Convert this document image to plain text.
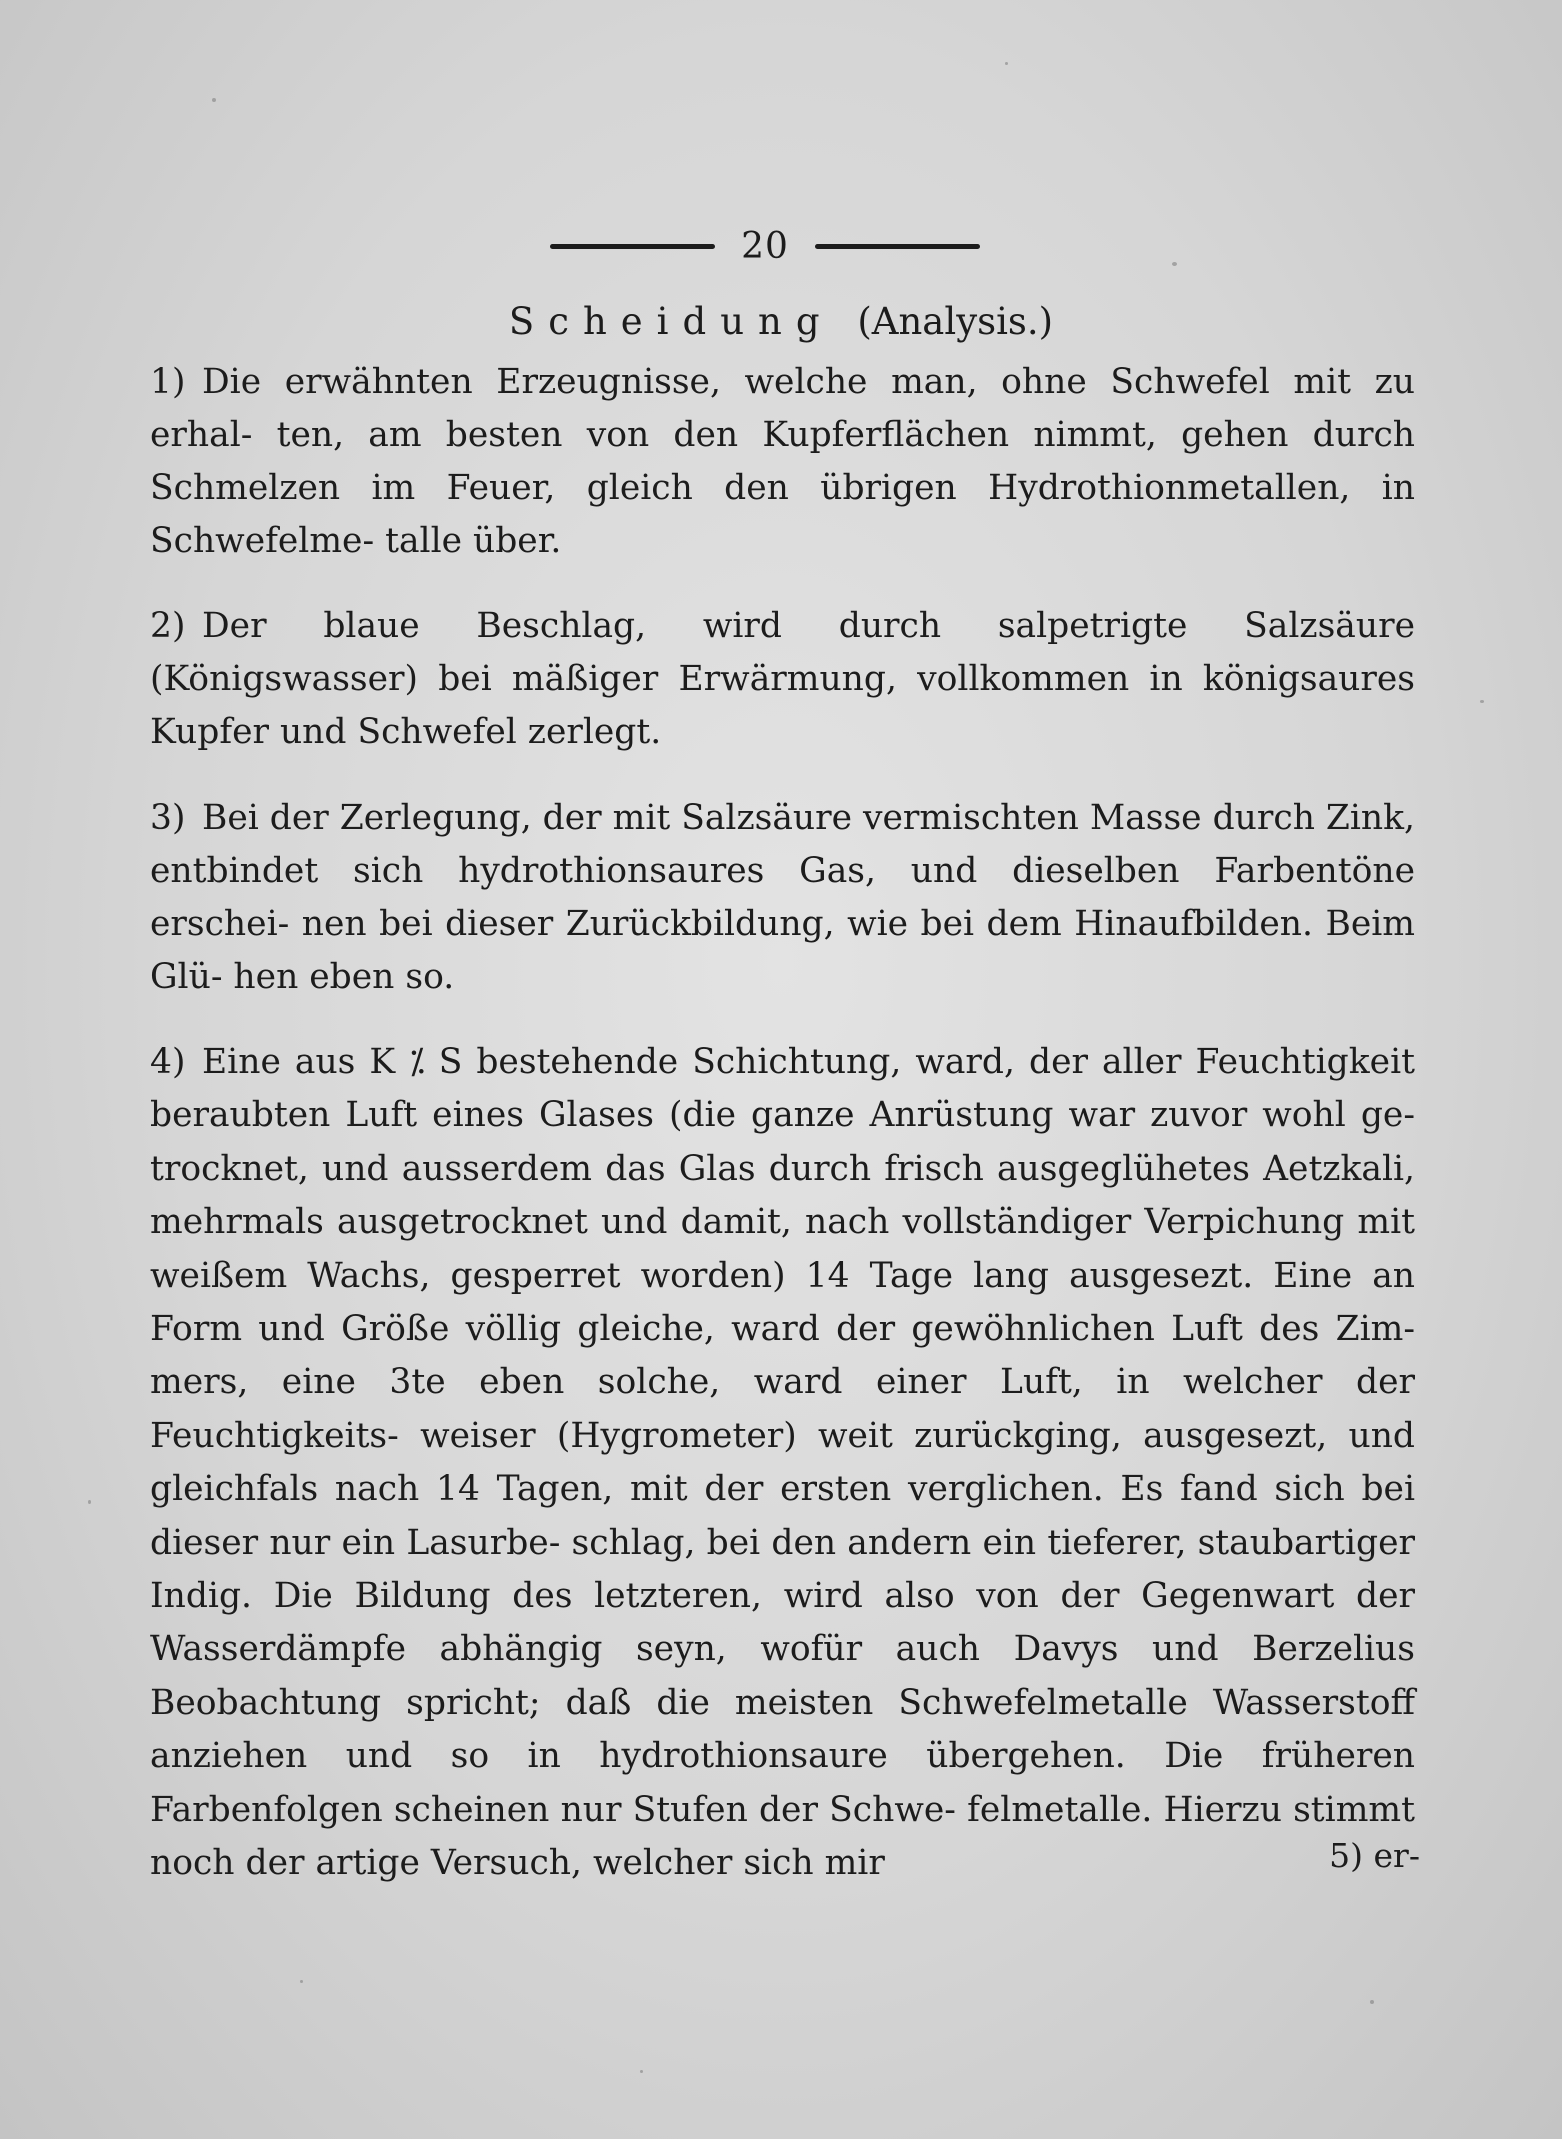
20
Scheidung (Analysis.)
1) Die erwähnten Erzeugnisse, welche man, ohne Schwefel mit zu erhal- ten, am besten von den Kupferflächen nimmt, gehen durch Schmelzen im Feuer, gleich den übrigen Hydrothionmetallen, in Schwefelme- talle über.
2) Der blaue Beschlag, wird durch salpetrigte Salzsäure (Königswasser) bei mäßiger Erwärmung, vollkommen in königsaures Kupfer und Schwefel zerlegt.
3) Bei der Zerlegung, der mit Salzsäure vermischten Masse durch Zink, entbindet sich hydrothionsaures Gas, und dieselben Farbentöne erschei- nen bei dieser Zurückbildung, wie bei dem Hinaufbilden. Beim Glü- hen eben so.
4) Eine aus K ⁒ S bestehende Schichtung, ward, der aller Feuchtigkeit beraubten Luft eines Glases (die ganze Anrüstung war zuvor wohl ge- trocknet, und ausserdem das Glas durch frisch ausgeglühetes Aetzkali, mehrmals ausgetrocknet und damit, nach vollständiger Verpichung mit weißem Wachs, gesperret worden) 14 Tage lang ausgesezt. Eine an Form und Größe völlig gleiche, ward der gewöhnlichen Luft des Zim- mers, eine 3te eben solche, ward einer Luft, in welcher der Feuchtigkeits- weiser (Hygrometer) weit zurückging, ausgesezt, und gleichfals nach 14 Tagen, mit der ersten verglichen. Es fand sich bei dieser nur ein Lasurbe- schlag, bei den andern ein tieferer, staubartiger Indig. Die Bildung des letzteren, wird also von der Gegenwart der Wasserdämpfe abhängig seyn, wofür auch Davys und Berzelius Beobachtung spricht; daß die meisten Schwefelmetalle Wasserstoff anziehen und so in hydrothionsaure übergehen. Die früheren Farbenfolgen scheinen nur Stufen der Schwe- felmetalle. Hierzu stimmt noch der artige Versuch, welcher sich mir	5) er-
